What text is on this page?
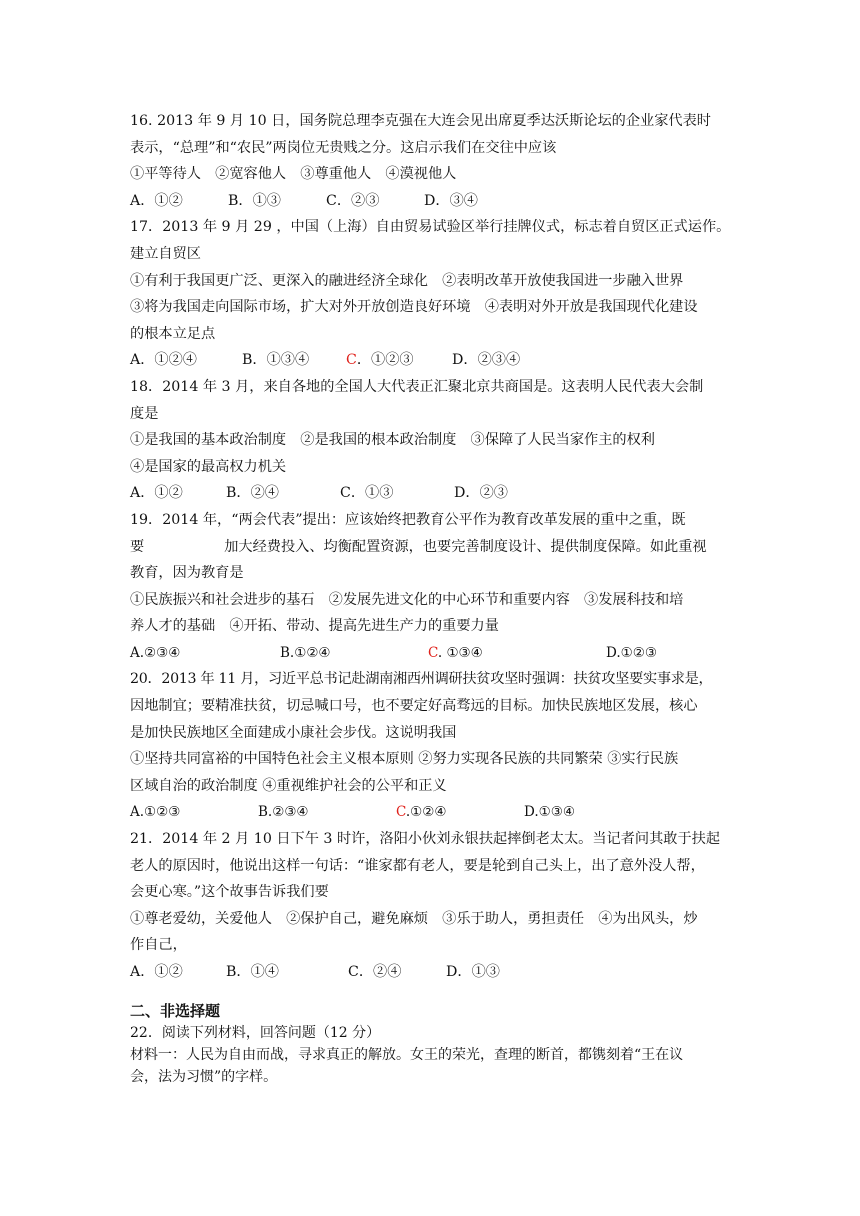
16. 2013 年 9 月 10 日，国务院总理李克强在大连会见出席夏季达沃斯论坛的企业家代表时
表示，“总理”和“农民”两岗位无贵贱之分。这启示我们在交往中应该
①平等待人　②宽容他人　③尊重他人　④漠视他人
A．①②	B．①③	C．②③	D．③④
17．2013 年 9 月 29 ，中国（上海）自由贸易试验区举行挂牌仪式，标志着自贸区正式运作。
建立自贸区
①有利于我国更广泛、更深入的融进经济全球化　②表明改革开放使我国进一步融入世界
③将为我国走向国际市场，扩大对外开放创造良好环境　④表明对外开放是我国现代化建设
的根本立足点
A．①②④	B．①③④	C．①②③	D．②③④
18．2014 年 3 月，来自各地的全国人大代表正汇聚北京共商国是。这表明人民代表大会制
度是
①是我国的基本政治制度　②是我国的根本政治制度　③保障了人民当家作主的权利
④是国家的最高权力机关
A．①②	B．②④	C．①③	D．②③
19．2014 年，“两会代表”提出：应该始终把教育公平作为教育改革发展的重中之重，既
要	加大经费投入、均衡配置资源，也要完善制度设计、提供制度保障。如此重视
教育，因为教育是
①民族振兴和社会进步的基石　②发展先进文化的中心环节和重要内容　③发展科技和培
养人才的基础　④开拓、带动、提高先进生产力的重要力量
A.②③④	B.①②④	C. ①③④	D.①②③
20．2013 年 11 月，习近平总书记赴湖南湘西州调研扶贫攻坚时强调：扶贫攻坚要实事求是，
因地制宜；要精准扶贫，切忌喊口号，也不要定好高骛远的目标。加快民族地区发展，核心
是加快民族地区全面建成小康社会步伐。这说明我国
①坚持共同富裕的中国特色社会主义根本原则 ②努力实现各民族的共同繁荣 ③实行民族
区域自治的政治制度 ④重视维护社会的公平和正义
A.①②③	B.②③④	C.①②④	D.①③④
21．2014 年 2 月 10 日下午 3 时许，洛阳小伙刘永银扶起摔倒老太太。当记者问其敢于扶起
老人的原因时，他说出这样一句话：“谁家都有老人，要是轮到自己头上，出了意外没人帮，
会更心寒。”这个故事告诉我们要
①尊老爱幼，关爱他人　②保护自己，避免麻烦　③乐于助人，勇担责任　④为出风头，炒
作自己，
A．①②	B．①④	C．②④	D．①③
二、非选择题
22．阅读下列材料，回答问题（12 分）
材料一：人民为自由而战，寻求真正的解放。女王的荣光，查理的断首，都镌刻着“王在议
会，法为习惯”的字样。
